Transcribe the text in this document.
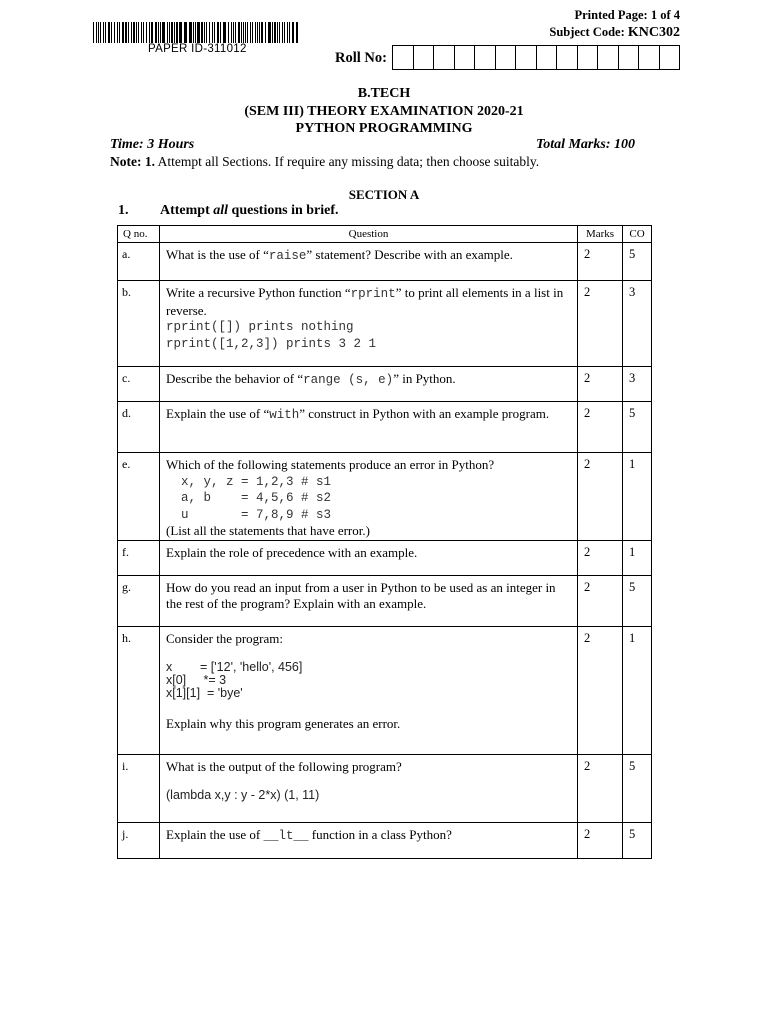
PAPER ID-311012
Printed Page: 1 of 4
Subject Code: KNC302
Roll No:
B.TECH
(SEM III) THEORY EXAMINATION 2020-21
PYTHON PROGRAMMING
Time: 3 Hours	Total Marks: 100
Note: 1. Attempt all Sections. If require any missing data; then choose suitably.
SECTION A
1. Attempt all questions in brief.
Q no.	Question	Marks	CO
a.	What is the use of “raise” statement? Describe with an example.	2	5
b.	Write a recursive Python function “rprint” to print all elements in a list in reverse.
rprint([]) prints nothing
rprint([1,2,3]) prints 3 2 1	2	3
c.	Describe the behavior of “range (s, e)” in Python.	2	3
d.	Explain the use of “with” construct in Python with an example program.	2	5
e.	Which of the following statements produce an error in Python?
x, y, z = 1,2,3 # s1
a, b    = 4,5,6 # s2
u       = 7,8,9 # s3
(List all the statements that have error.)	2	1
f.	Explain the role of precedence with an example.	2	1
g.	How do you read an input from a user in Python to be used as an integer in the rest of the program? Explain with an example.	2	5
h.	Consider the program:
x        = ['12', 'hello', 456]
x[0]     *= 3
x[1][1]  = 'bye'
Explain why this program generates an error.	2	1
i.	What is the output of the following program?
(lambda x,y : y - 2*x) (1, 11)	2	5
j.	Explain the use of __lt__ function in a class Python?	2	5
